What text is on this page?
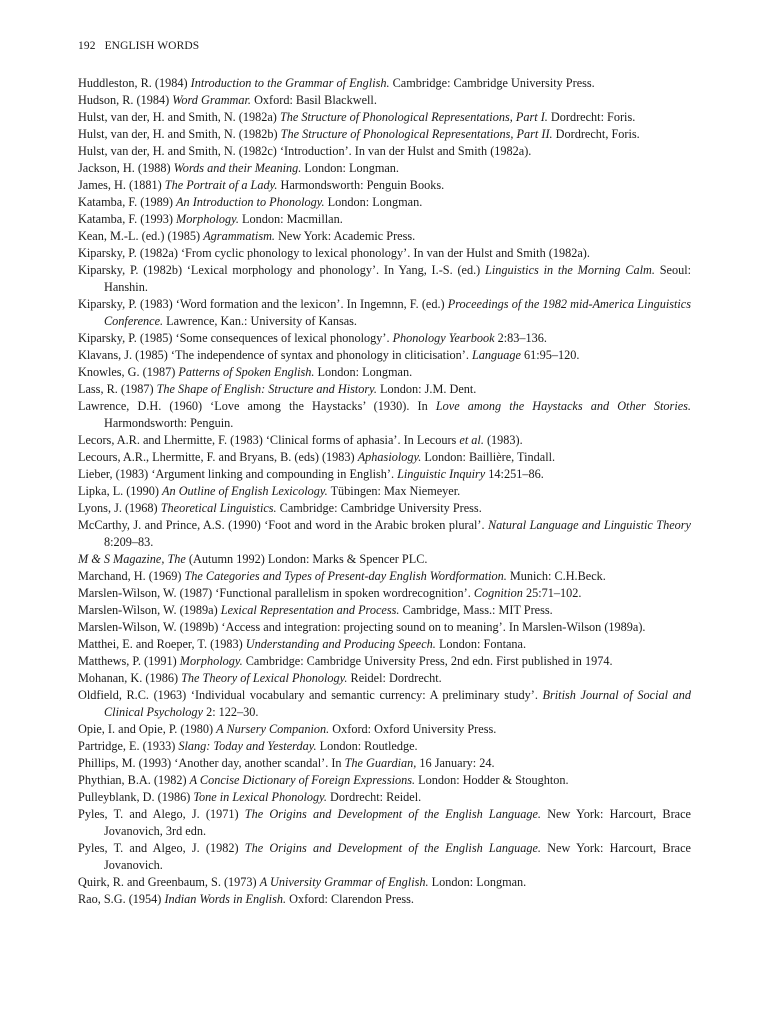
192 ENGLISH WORDS
Huddleston, R. (1984) Introduction to the Grammar of English. Cambridge: Cambridge University Press.
Hudson, R. (1984) Word Grammar. Oxford: Basil Blackwell.
Hulst, van der, H. and Smith, N. (1982a) The Structure of Phonological Representations, Part I. Dordrecht: Foris.
Hulst, van der, H. and Smith, N. (1982b) The Structure of Phonological Representations, Part II. Dordrecht, Foris.
Hulst, van der, H. and Smith, N. (1982c) ‘Introduction’. In van der Hulst and Smith (1982a).
Jackson, H. (1988) Words and their Meaning. London: Longman.
James, H. (1881) The Portrait of a Lady. Harmondsworth: Penguin Books.
Katamba, F. (1989) An Introduction to Phonology. London: Longman.
Katamba, F. (1993) Morphology. London: Macmillan.
Kean, M.-L. (ed.) (1985) Agrammatism. New York: Academic Press.
Kiparsky, P. (1982a) ‘From cyclic phonology to lexical phonology’. In van der Hulst and Smith (1982a).
Kiparsky, P. (1982b) ‘Lexical morphology and phonology’. In Yang, I.-S. (ed.) Linguistics in the Morning Calm. Seoul: Hanshin.
Kiparsky, P. (1983) ‘Word formation and the lexicon’. In Ingemnn, F. (ed.) Proceedings of the 1982 mid-America Linguistics Conference. Lawrence, Kan.: University of Kansas.
Kiparsky, P. (1985) ‘Some consequences of lexical phonology’. Phonology Yearbook 2:83–136.
Klavans, J. (1985) ‘The independence of syntax and phonology in cliticisation’. Language 61:95–120.
Knowles, G. (1987) Patterns of Spoken English. London: Longman.
Lass, R. (1987) The Shape of English: Structure and History. London: J.M. Dent.
Lawrence, D.H. (1960) ‘Love among the Haystacks’ (1930). In Love among the Haystacks and Other Stories. Harmondsworth: Penguin.
Lecors, A.R. and Lhermitte, F. (1983) ‘Clinical forms of aphasia’. In Lecours et al. (1983).
Lecours, A.R., Lhermitte, F. and Bryans, B. (eds) (1983) Aphasiology. London: Baillière, Tindall.
Lieber, (1983) ‘Argument linking and compounding in English’. Linguistic Inquiry 14:251–86.
Lipka, L. (1990) An Outline of English Lexicology. Tübingen: Max Niemeyer.
Lyons, J. (1968) Theoretical Linguistics. Cambridge: Cambridge University Press.
McCarthy, J. and Prince, A.S. (1990) ‘Foot and word in the Arabic broken plural’. Natural Language and Linguistic Theory 8:209–83.
M & S Magazine, The (Autumn 1992) London: Marks & Spencer PLC.
Marchand, H. (1969) The Categories and Types of Present-day English Wordformation. Munich: C.H.Beck.
Marslen-Wilson, W. (1987) ‘Functional parallelism in spoken wordrecognition’. Cognition 25:71–102.
Marslen-Wilson, W. (1989a) Lexical Representation and Process. Cambridge, Mass.: MIT Press.
Marslen-Wilson, W. (1989b) ‘Access and integration: projecting sound on to meaning’. In Marslen-Wilson (1989a).
Matthei, E. and Roeper, T. (1983) Understanding and Producing Speech. London: Fontana.
Matthews, P. (1991) Morphology. Cambridge: Cambridge University Press, 2nd edn. First published in 1974.
Mohanan, K. (1986) The Theory of Lexical Phonology. Reidel: Dordrecht.
Oldfield, R.C. (1963) ‘Individual vocabulary and semantic currency: A preliminary study’. British Journal of Social and Clinical Psychology 2: 122–30.
Opie, I. and Opie, P. (1980) A Nursery Companion. Oxford: Oxford University Press.
Partridge, E. (1933) Slang: Today and Yesterday. London: Routledge.
Phillips, M. (1993) ‘Another day, another scandal’. In The Guardian, 16 January: 24.
Phythian, B.A. (1982) A Concise Dictionary of Foreign Expressions. London: Hodder & Stoughton.
Pulleyblank, D. (1986) Tone in Lexical Phonology. Dordrecht: Reidel.
Pyles, T. and Alego, J. (1971) The Origins and Development of the English Language. New York: Harcourt, Brace Jovanovich, 3rd edn.
Pyles, T. and Algeo, J. (1982) The Origins and Development of the English Language. New York: Harcourt, Brace Jovanovich.
Quirk, R. and Greenbaum, S. (1973) A University Grammar of English. London: Longman.
Rao, S.G. (1954) Indian Words in English. Oxford: Clarendon Press.
